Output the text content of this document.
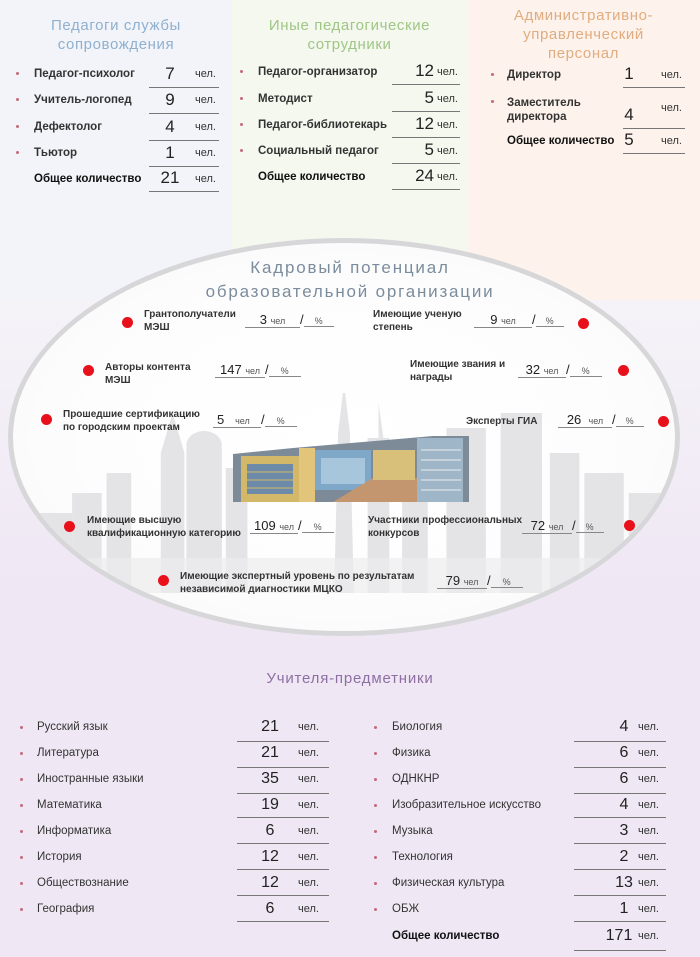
Педагоги службы
сопровождения
Педагог-психолог	7	чел.
Учитель-логопед	9	чел.
Дефектолог	4	чел.
Тьютор	1	чел.
Общее количество	21	чел.
Иные педагогические
сотрудники
Педагог-организатор	12 чел.
Методист	5 чел.
Педагог-библиотекарь	12 чел.
Социальный педагог	5 чел.
Общее количество	24 чел.
Административно-
управленческий
персонал
Директор	1	чел.
Заместитель
директора	4	чел.
Общее количество 5	чел.
Кадровый потенциал
образовательной организации
Грантополучатели
МЭШ
3 чел / %
Имеющие ученую
степень
9 чел / %
Авторы контента
МЭШ
147 чел / %
Имеющие звания и
награды
32 чел / %
Прошедшие сертификацию
по городским проектам
5 чел / %	Эксперты ГИА	26 чел / %
Имеющие высшую
квалификационную категорию
109 чел / %
Участники профессиональных
конкурсов
72 чел / %
Имеющие экспертный уровень по результатам
независимой диагностики МЦКО
79 чел / %
Учителя-предметники
Русский язык	21	чел.
Литература	21	чел.
Иностранные языки	35	чел.
Математика	19	чел.
Информатика	6	чел.
История	12	чел.
Обществознание	12	чел.
География	6	чел.
Биология	4 чел.
Физика	6 чел.
ОДНКНР	6 чел.
Изобразительное искусство	4 чел.
Музыка	3 чел.
Технология	2 чел.
Физическая культура	13 чел.
ОБЖ	1 чел.
Общее количество	171 чел.
